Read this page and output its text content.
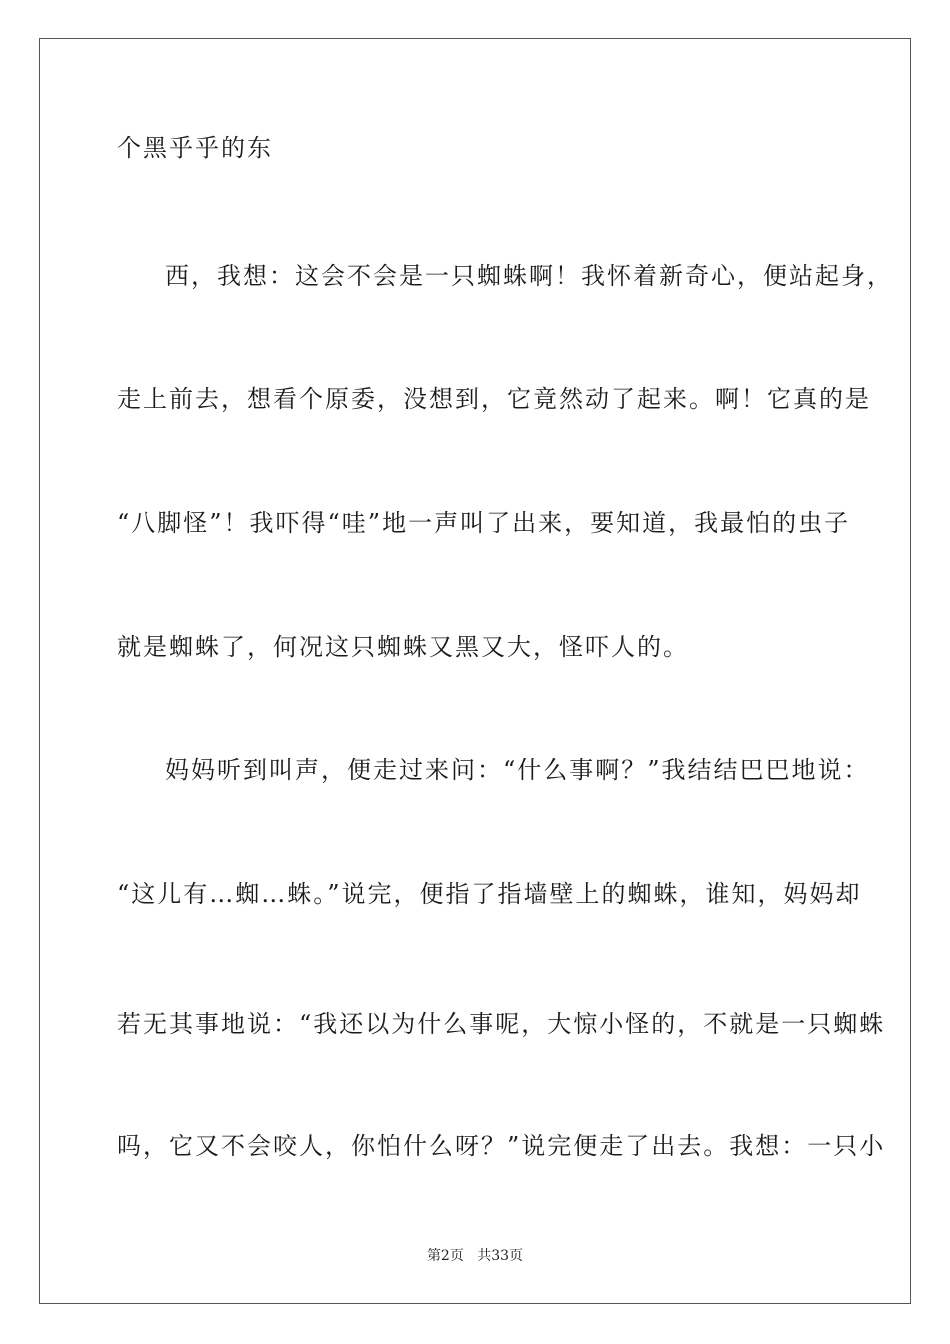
个黑乎乎的东
西，我想：这会不会是一只蜘蛛啊！我怀着新奇心，便站起身，
走上前去，想看个原委，没想到，它竟然动了起来。啊！它真的是
“八脚怪”！我吓得“哇”地一声叫了出来，要知道，我最怕的虫子
就是蜘蛛了，何况这只蜘蛛又黑又大，怪吓人的。
妈妈听到叫声，便走过来问：“什么事啊？”我结结巴巴地说：
“这儿有…蜘…蛛。”说完，便指了指墙壁上的蜘蛛，谁知，妈妈却
若无其事地说：“我还以为什么事呢，大惊小怪的，不就是一只蜘蛛
吗，它又不会咬人，你怕什么呀？”说完便走了出去。我想：一只小
第2页 共33页
